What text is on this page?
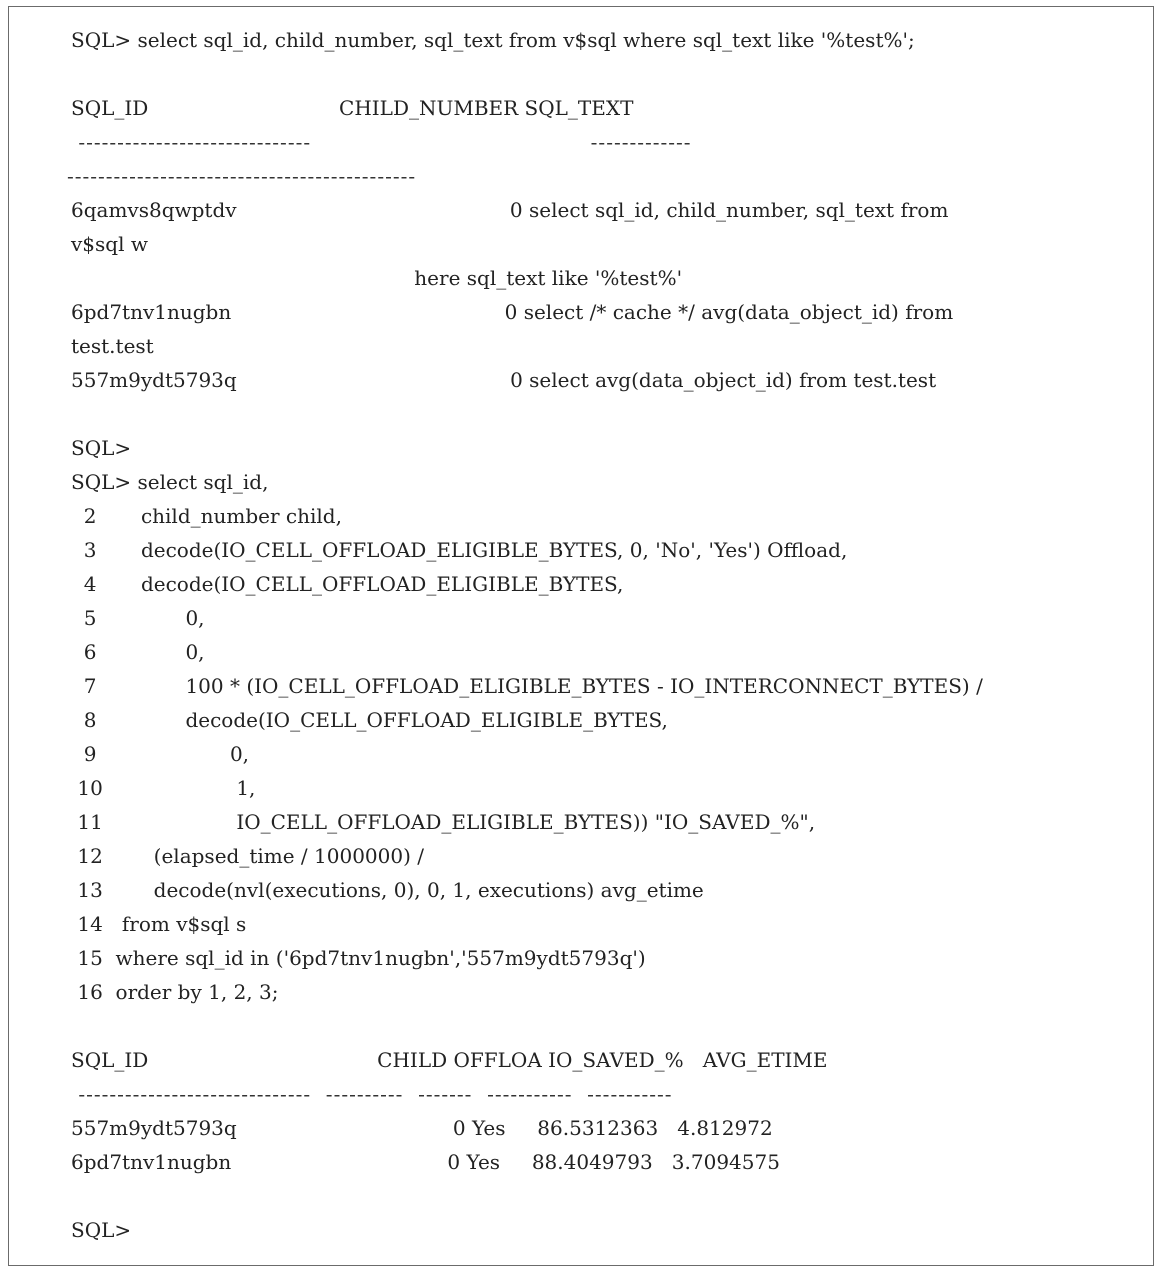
SQL> select sql_id, child_number, sql_text from v$sql where sql_text like '%test%';
SQL_ID                              CHILD_NUMBER SQL_TEXT
------------------------------                                      -------------
---------------------------------------------
6qamvs8qwptdv                                           0 select sql_id, child_number, sql_text from
v$sql w
here sql_text like '%test%'
6pd7tnv1nugbn                                           0 select /* cache */ avg(data_object_id) from
test.test
557m9ydt5793q                                           0 select avg(data_object_id) from test.test
SQL>
SQL> select sql_id,
2       child_number child,
3       decode(IO_CELL_OFFLOAD_ELIGIBLE_BYTES, 0, 'No', 'Yes') Offload,
4       decode(IO_CELL_OFFLOAD_ELIGIBLE_BYTES,
5              0,
6              0,
7              100 * (IO_CELL_OFFLOAD_ELIGIBLE_BYTES - IO_INTERCONNECT_BYTES) /
8              decode(IO_CELL_OFFLOAD_ELIGIBLE_BYTES,
9                     0,
10                     1,
11                     IO_CELL_OFFLOAD_ELIGIBLE_BYTES)) "IO_SAVED_%",
12        (elapsed_time / 1000000) /
13        decode(nvl(executions, 0), 0, 1, executions) avg_etime
14   from v$sql s
15  where sql_id in ('6pd7tnv1nugbn','557m9ydt5793q')
16  order by 1, 2, 3;
SQL_ID                                    CHILD OFFLOA IO_SAVED_%   AVG_ETIME
------------------------------  ----------  -------  -----------  -----------
557m9ydt5793q                                  0 Yes     86.5312363   4.812972
6pd7tnv1nugbn                                  0 Yes     88.4049793   3.7094575
SQL>
